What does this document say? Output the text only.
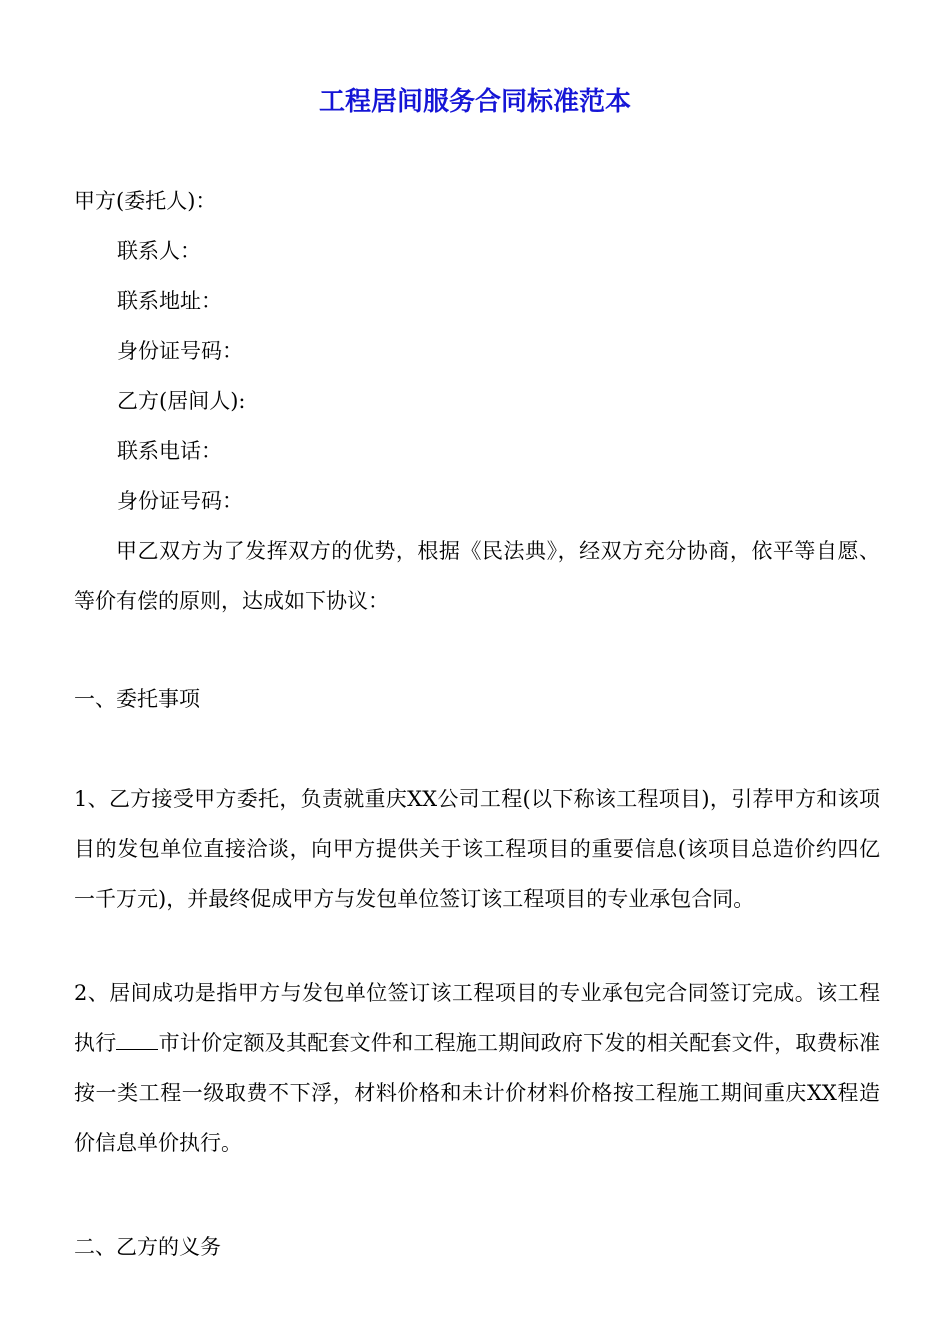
工程居间服务合同标准范本
甲方(委托人)：
联系人：
联系地址：
身份证号码：
乙方(居间人):
联系电话：
身份证号码：
甲乙双方为了发挥双方的优势，根据《民法典》，经双方充分协商，依平等自愿、等价有偿的原则，达成如下协议：
一、委托事项
1、乙方接受甲方委托，负责就重庆XX公司工程(以下称该工程项目)，引荐甲方和该项目的发包单位直接洽谈，向甲方提供关于该工程项目的重要信息(该项目总造价约四亿一千万元)，并最终促成甲方与发包单位签订该工程项目的专业承包合同。
2、居间成功是指甲方与发包单位签订该工程项目的专业承包完合同签订完成。该工程执行 市计价定额及其配套文件和工程施工期间政府下发的相关配套文件，取费标准按一类工程一级取费不下浮，材料价格和未计价材料价格按工程施工期间重庆XX程造价信息单价执行。
二、乙方的义务
